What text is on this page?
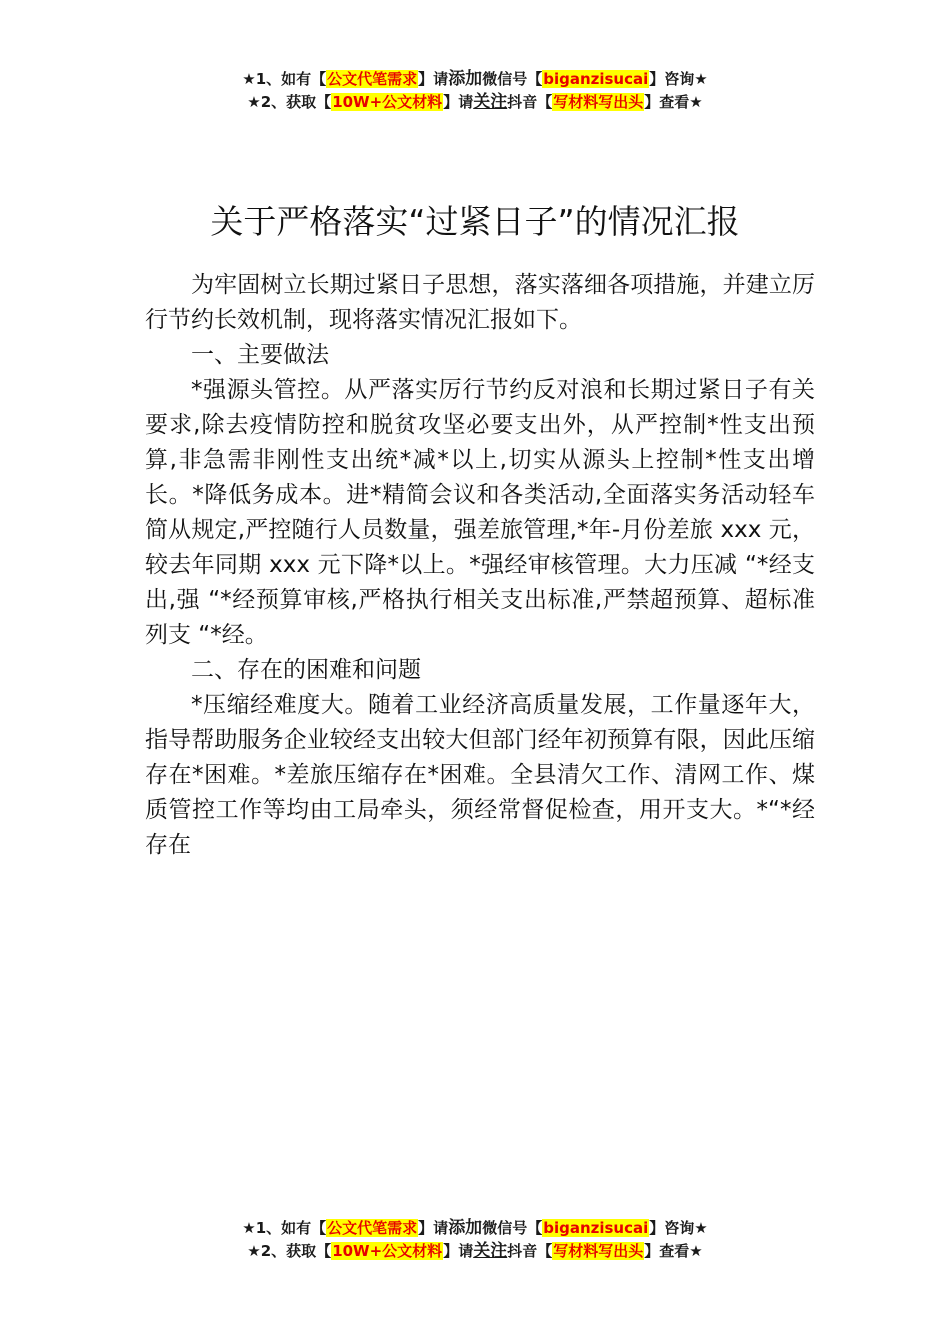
★1、如有【公文代笔需求】请添加微信号【biganzisucai】咨询★
★2、获取【10W+公文材料】请关注抖音【写材料写出头】查看★
关于严格落实“过紧日子”的情况汇报

为牢固树立长期过紧日子思想，落实落细各项措施，并建立厉行节约长效机制，现将落实情况汇报如下。

一、主要做法

*强源头管控。从严落实厉行节约反对浪和长期过紧日子有关要求,除去疫情防控和脱贫攻坚必要支出外，从严控制*性支出预算,非急需非刚性支出统*减*以上,切实从源头上控制*性支出增长。*降低务成本。进*精简会议和各类活动,全面落实务活动轻车简从规定,严控随行人员数量，强差旅管理,*年-月份差旅 xxx 元，较去年同期 xxx 元下降*以上。*强经审核管理。大力压减 “*经支出,强 “*经预算审核,严格执行相关支出标准,严禁超预算、超标准列支 “*经。

二、存在的困难和问题

*压缩经难度大。随着工业经济高质量发展，工作量逐年大，指导帮助服务企业较经支出较大但部门经年初预算有限，因此压缩存在*困难。*差旅压缩存在*困难。全县清欠工作、清网工作、煤质管控工作等均由工局牵头，须经常督促检查，用开支大。*“*经存在

★1、如有【公文代笔需求】请添加微信号【biganzisucai】咨询★
★2、获取【10W+公文材料】请关注抖音【写材料写出头】查看★
